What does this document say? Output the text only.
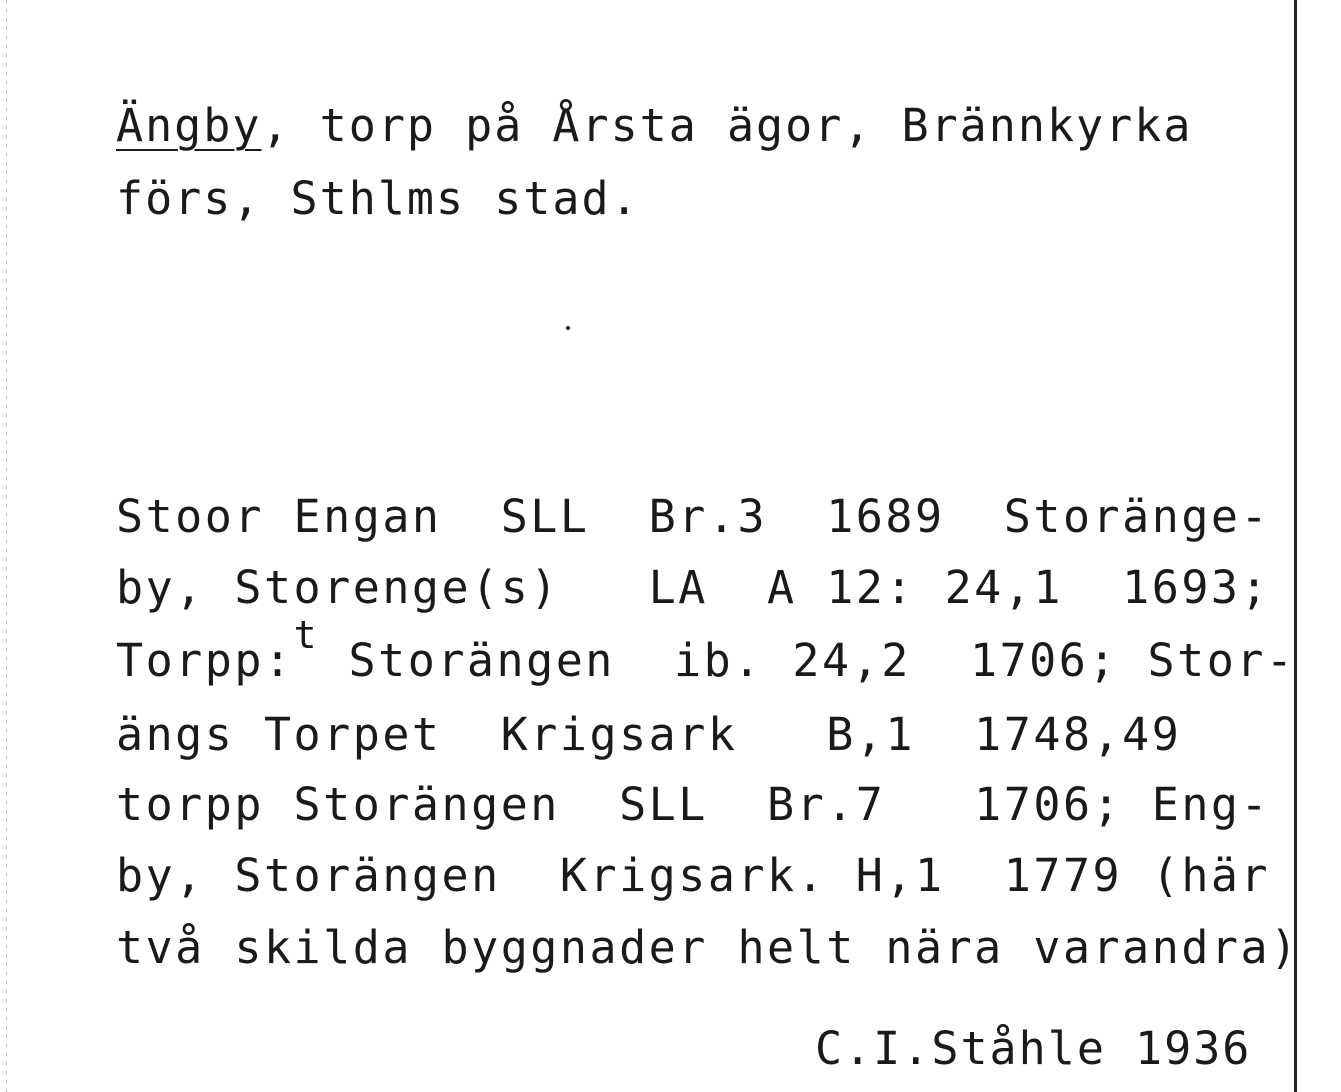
Ängby, torp på Årsta ägor, Brännkyrka
förs, Sthlms stad.
Stoor Engan  SLL  Br.3  1689  Storänge-
by, Storenge(s)   LA  A 12: 24,1  1693;
Torpp:$^t$ Storängen  ib. 24,2  1706; Stor-
ängs Torpet  Krigsark   B,1  1748,49
torpp Storängen  SLL  Br.7   1706; Eng-
by, Storängen  Krigsark. H,1  1779 (här
två skilda byggnader helt nära varandra)
C.I.Ståhle 1936
